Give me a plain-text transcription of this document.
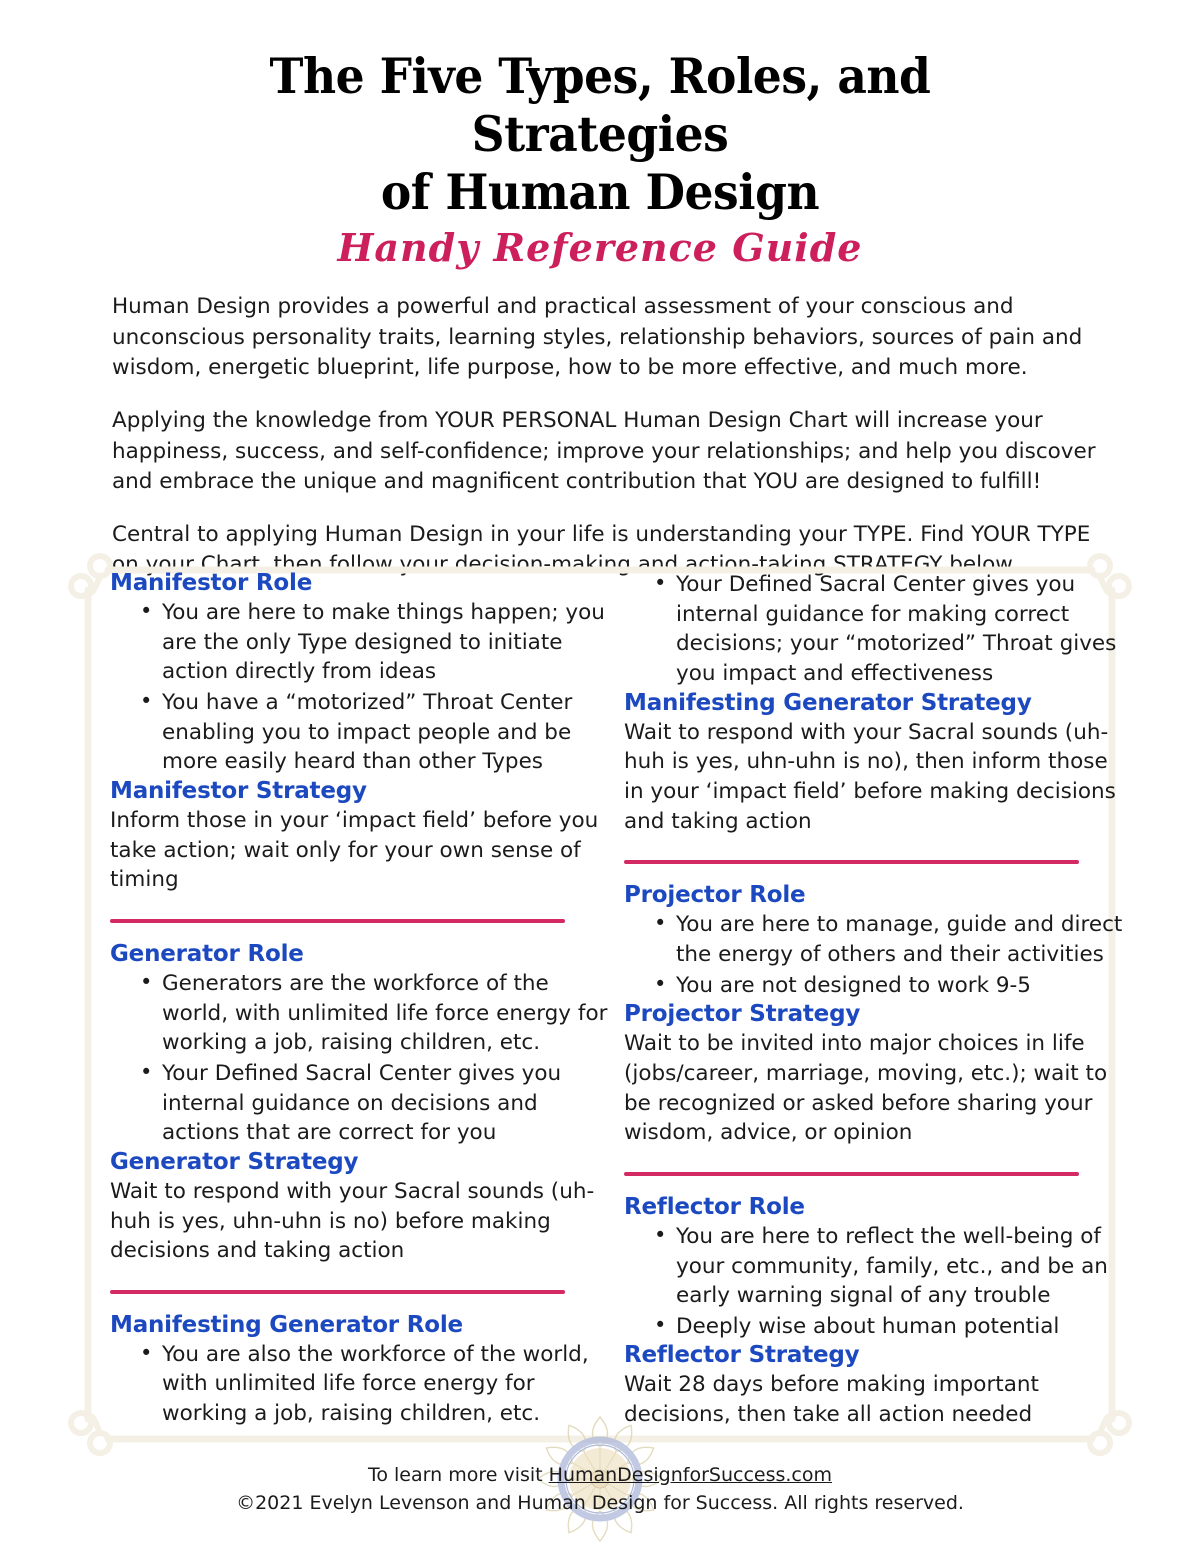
The Five Types, Roles, and Strategies
of Human Design
Handy Reference Guide

Human Design provides a powerful and practical assessment of your conscious and unconscious personality traits, learning styles, relationship behaviors, sources of pain and wisdom, energetic blueprint, life purpose, how to be more effective, and much more.

Applying the knowledge from YOUR PERSONAL Human Design Chart will increase your happiness, success, and self-confidence; improve your relationships; and help you discover and embrace the unique and magnificent contribution that YOU are designed to fulfill!

Central to applying Human Design in your life is understanding your TYPE. Find YOUR TYPE on your Chart, then follow your decision-making and action-taking STRATEGY below.

Manifestor Role
• You are here to make things happen; you are the only Type designed to initiate action directly from ideas
• You have a “motorized” Throat Center enabling you to impact people and be more easily heard than other Types
Manifestor Strategy

Inform those in your ‘impact field’ before you take action; wait only for your own sense of timing

Generator Role
• Generators are the workforce of the world, with unlimited life force energy for working a job, raising children, etc.
• Your Defined Sacral Center gives you internal guidance on decisions and actions that are correct for you
Generator Strategy

Wait to respond with your Sacral sounds (uh-huh is yes, uhn-uhn is no) before making decisions and taking action

Manifesting Generator Role
• You are also the workforce of the world, with unlimited life force energy for working a job, raising children, etc.
• Your Defined Sacral Center gives you internal guidance for making correct decisions; your “motorized” Throat gives you impact and effectiveness
Manifesting Generator Strategy

Wait to respond with your Sacral sounds (uh-huh is yes, uhn-uhn is no), then inform those in your ‘impact field’ before making decisions and taking action

Projector Role
• You are here to manage, guide and direct the energy of others and their activities
• You are not designed to work 9-5
Projector Strategy

Wait to be invited into major choices in life (jobs/career, marriage, moving, etc.); wait to be recognized or asked before sharing your wisdom, advice, or opinion

Reflector Role
• You are here to reflect the well-being of your community, family, etc., and be an early warning signal of any trouble
• Deeply wise about human potential
Reflector Strategy

Wait 28 days before making important decisions, then take all action needed

To learn more visit HumanDesignforSuccess.com
©2021 Evelyn Levenson and Human Design for Success. All rights reserved.
